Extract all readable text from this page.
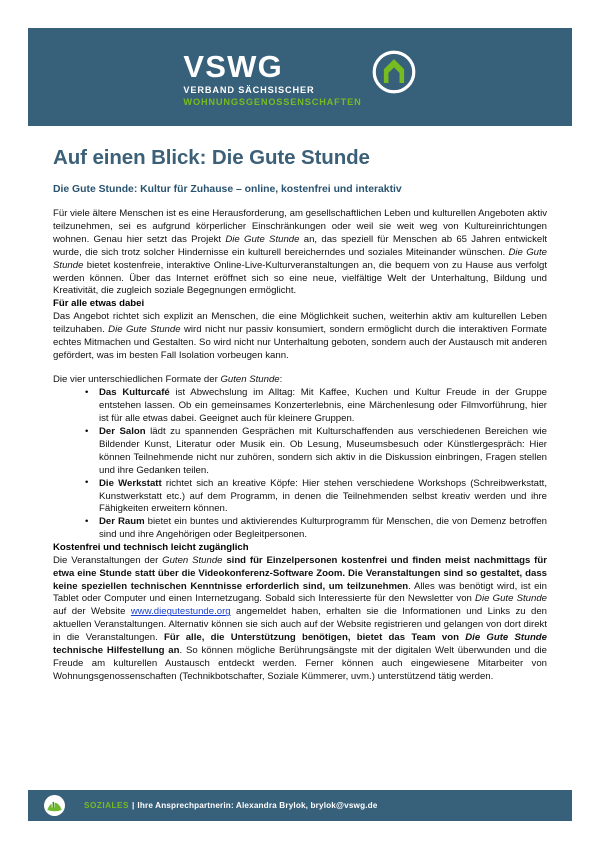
VSWG
VERBAND SÄCHSISCHER
WOHNUNGSGENOSSENSCHAFTEN
Auf einen Blick: Die Gute Stunde
Die Gute Stunde: Kultur für Zuhause – online, kostenfrei und interaktiv

Für viele ältere Menschen ist es eine Herausforderung, am gesellschaftlichen Leben und kulturellen Angeboten aktiv teilzunehmen, sei es aufgrund körperlicher Einschränkungen oder weil sie weit weg von Kultureinrichtungen wohnen. Genau hier setzt das Projekt Die Gute Stunde an, das speziell für Menschen ab 65 Jahren entwickelt wurde, die sich trotz solcher Hindernisse ein kulturell bereicherndes und soziales Miteinander wünschen. Die Gute Stunde bietet kostenfreie, interaktive Online-Live-Kulturveranstaltungen an, die bequem von zu Hause aus verfolgt werden können. Über das Internet eröffnet sich so eine neue, vielfältige Welt der Unterhaltung, Bildung und Kreativität, die zugleich soziale Begegnungen ermöglicht.

Für alle etwas dabei

Das Angebot richtet sich explizit an Menschen, die eine Möglichkeit suchen, weiterhin aktiv am kulturellen Leben teilzuhaben. Die Gute Stunde wird nicht nur passiv konsumiert, sondern ermöglicht durch die interaktiven Formate echtes Mitmachen und Gestalten. So wird nicht nur Unterhaltung geboten, sondern auch der Austausch mit anderen gefördert, was im besten Fall Isolation vorbeugen kann.

Die vier unterschiedlichen Formate der Guten Stunde:

• Das Kulturcafé ist Abwechslung im Alltag: Mit Kaffee, Kuchen und Kultur Freude in der Gruppe entstehen lassen. Ob ein gemeinsames Konzerterlebnis, eine Märchenlesung oder Filmvorführung, hier ist für alle etwas dabei. Geeignet auch für kleinere Gruppen.
• Der Salon lädt zu spannenden Gesprächen mit Kulturschaffenden aus verschiedenen Bereichen wie Bildender Kunst, Literatur oder Musik ein. Ob Lesung, Museumsbesuch oder Künstlergespräch: Hier können Teilnehmende nicht nur zuhören, sondern sich aktiv in die Diskussion einbringen, Fragen stellen und ihre Gedanken teilen.
• Die Werkstatt richtet sich an kreative Köpfe: Hier stehen verschiedene Workshops (Schreibwerkstatt, Kunstwerkstatt etc.) auf dem Programm, in denen die Teilnehmenden selbst kreativ werden und ihre Fähigkeiten erweitern können.
• Der Raum bietet ein buntes und aktivierendes Kulturprogramm für Menschen, die von Demenz betroffen sind und ihre Angehörigen oder Begleitpersonen.
Kostenfrei und technisch leicht zugänglich

Die Veranstaltungen der Guten Stunde sind für Einzelpersonen kostenfrei und finden meist nachmittags für etwa eine Stunde statt über die Videokonferenz-Software Zoom. Die Veranstaltungen sind so gestaltet, dass keine speziellen technischen Kenntnisse erforderlich sind, um teilzunehmen. Alles was benötigt wird, ist ein Tablet oder Computer und einen Internetzugang. Sobald sich Interessierte für den Newsletter von Die Gute Stunde auf der Website www.diegutestunde.org angemeldet haben, erhalten sie die Informationen und Links zu den aktuellen Veranstaltungen. Alternativ können sie sich auch auf der Website registrieren und gelangen von dort direkt in die Veranstaltungen. Für alle, die Unterstützung benötigen, bietet das Team von Die Gute Stunde technische Hilfestellung an. So können mögliche Berührungsängste mit der digitalen Welt überwunden und die Freude am kulturellen Austausch entdeckt werden. Ferner können auch eingewiesene Mitarbeiter von Wohnungsgenossenschaften (Technikbotschafter, Soziale Kümmerer, uvm.) unterstützend tätig werden.

SOZIALES | Ihre Ansprechpartnerin: Alexandra Brylok, brylok@vswg.de
